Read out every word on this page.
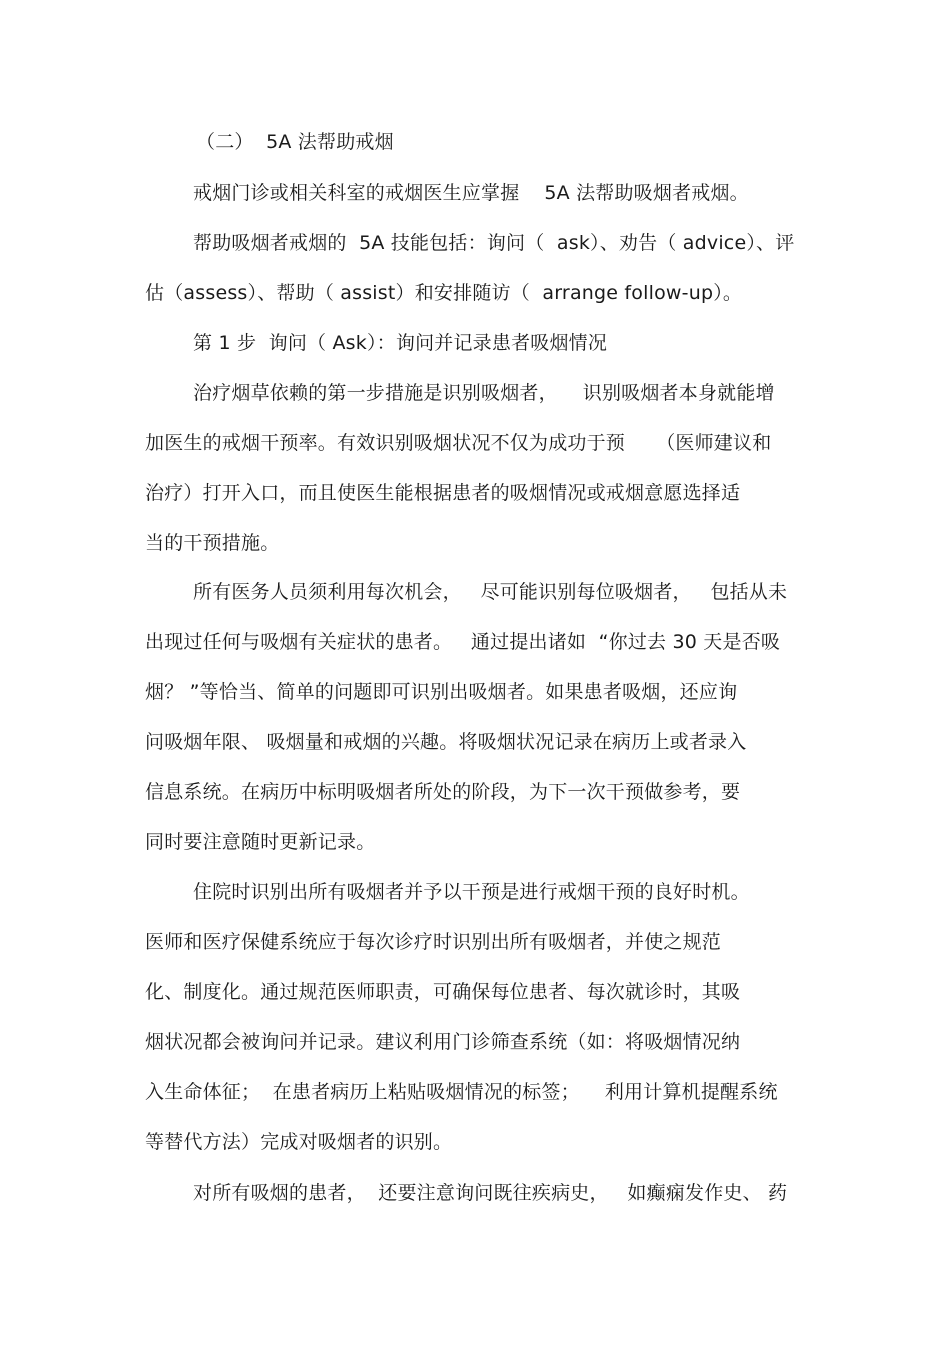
（二）  5A 法帮助戒烟
戒烟门诊或相关科室的戒烟医生应掌握    5A 法帮助吸烟者戒烟。
帮助吸烟者戒烟的  5A 技能包括：询问（  ask）、劝告（ advice）、评
估（assess）、帮助（ assist）和安排随访（  arrange follow-up）。
第 1 步  询问（ Ask）：询问并记录患者吸烟情况
治疗烟草依赖的第一步措施是识别吸烟者，    识别吸烟者本身就能增
加医生的戒烟干预率。有效识别吸烟状况不仅为成功于预     （医师建议和
治疗）打开入口，而且使医生能根据患者的吸烟情况或戒烟意愿选择适
当的干预措施。
所有医务人员须利用每次机会，   尽可能识别每位吸烟者，   包括从未
出现过任何与吸烟有关症状的患者。   通过提出诸如  “你过去 30 天是否吸
烟？ ”等恰当、简单的问题即可识别出吸烟者。如果患者吸烟，还应询
问吸烟年限、 吸烟量和戒烟的兴趣。将吸烟状况记录在病历上或者录入
信息系统。在病历中标明吸烟者所处的阶段，为下一次干预做参考，要
同时要注意随时更新记录。
住院时识别出所有吸烟者并予以干预是进行戒烟干预的良好时机。
医师和医疗保健系统应于每次诊疗时识别出所有吸烟者，并使之规范
化、制度化。通过规范医师职责，可确保每位患者、每次就诊时，其吸
烟状况都会被询问并记录。建议利用门诊筛查系统（如：将吸烟情况纳
入生命体征；  在患者病历上粘贴吸烟情况的标签；    利用计算机提醒系统
等替代方法）完成对吸烟者的识别。
对所有吸烟的患者，  还要注意询问既往疾病史，   如癫痫发作史、 药
